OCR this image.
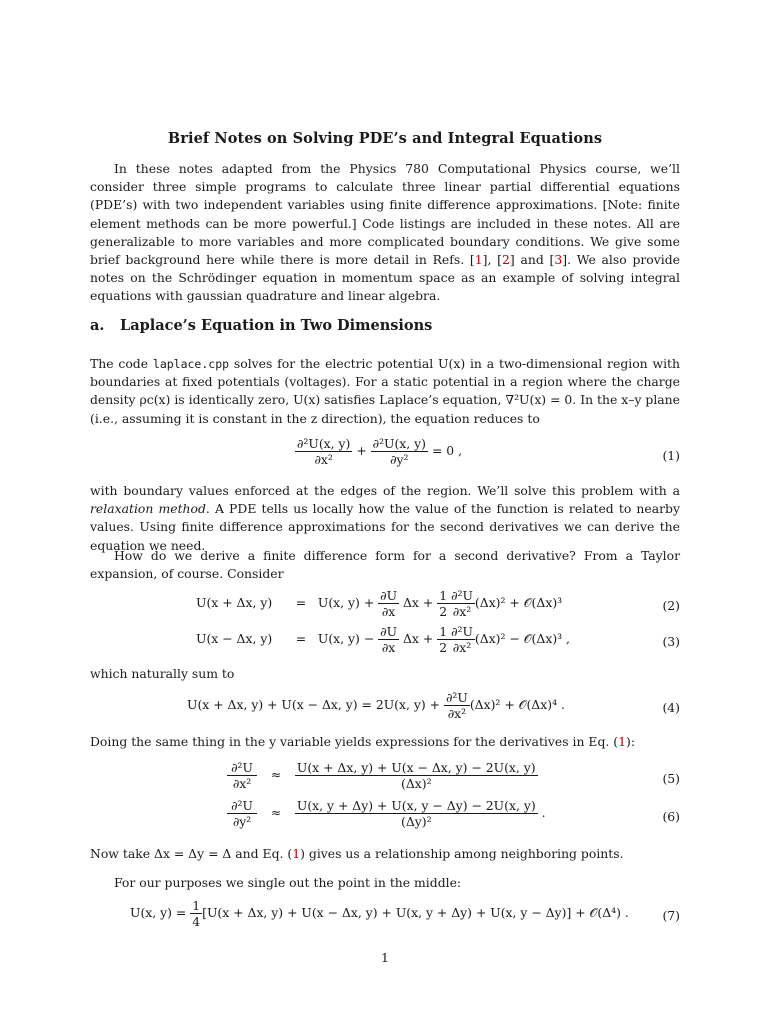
Brief Notes on Solving PDE’s and Integral Equations

In these notes adapted from the Physics 780 Computational Physics course, we’ll consider three simple programs to calculate three linear partial differential equations (PDE’s) with two independent variables using finite difference approximations. [Note: finite element methods can be more powerful.] Code listings are included in these notes. All are generalizable to more variables and more complicated boundary conditions. We give some brief background here while there is more detail in Refs. [ 1 ] , [ 2 ] and [ 3 ] . We also provide notes on the Schrödinger equation in momentum space as an example of solving integral equations with gaussian quadrature and linear algebra.

a. Laplace’s Equation in Two Dimensions

The code laplace.cpp solves for the electric potential U(x) in a two-dimensional region with boundaries at fixed potentials (voltages). For a static potential in a region where the charge density ρc(x) is identically zero, U(x) satisfies Laplace’s equation, ∇²U(x) = 0. In the x–y plane (i.e., assuming it is constant in the z direction), the equation reduces to

$\frac{\text{∂²U(x, y)}}{\text{∂x²}} + \frac{\text{∂²U(x, y)}}{\text{∂y²}} = 0$ ,	(1)

with boundary values enforced at the edges of the region. We’ll solve this problem with a relaxation method. A PDE tells us locally how the value of the function is related to nearby values. Using finite difference approximations for the second derivatives we can derive the equation we need.

How do we derive a finite difference form for a second derivative? From a Taylor expansion, of course. Consider

U(x + Δx, y) = U(x, $y) + \frac{\partial U}{\partial x}$ $\Delta x + \frac{1}{2} \frac{\text{∂²U}}{\text{∂x²}} (\Delta x)^2$ + 𝒪(Δx)³	(2)
U(x − Δx, y) = U(x, $y) - \frac{\partial U}{\partial x}$ $\Delta x + \frac{1}{2} \frac{\text{∂²U}}{\text{∂x²}} (\Delta x)^2$ − 𝒪(Δx)³ ,	(3)

which naturally sum to

U(x + Δx, y) + U(x − Δx, y) = 2U(x, $y) + \frac{\text{∂²U}}{\text{∂x²}} (\Delta x)^2$ + 𝒪(Δx)⁴ .	(4)

Doing the same thing in the y variable yields expressions for the derivatives in Eq. (1):

$\frac{\text{∂²U}}{\text{∂x²}} \approx \frac{U(x + \Delta x, y) + U(x - \Delta x, y) - 2U(x, y)}{\text{(Δx)²}}$	(5)
$\frac{\text{∂²U}}{\text{∂y²}} \approx \frac{U(x, y + \Delta y) + U(x, y - \Delta y) - 2U(x, y)}{\text{(Δy)²}}$ .	(6)

Now take Δx = Δy = Δ and Eq. (1) gives us a relationship among neighboring points.

For our purposes we single out the point in the middle:

U(x, $y) = \frac{1}{4} [U(x + \Delta x$, y) + U(x − Δx, y) + U(x, y + Δy) + U(x, y − Δy)] + 𝒪(Δ⁴) .	(7)
1
